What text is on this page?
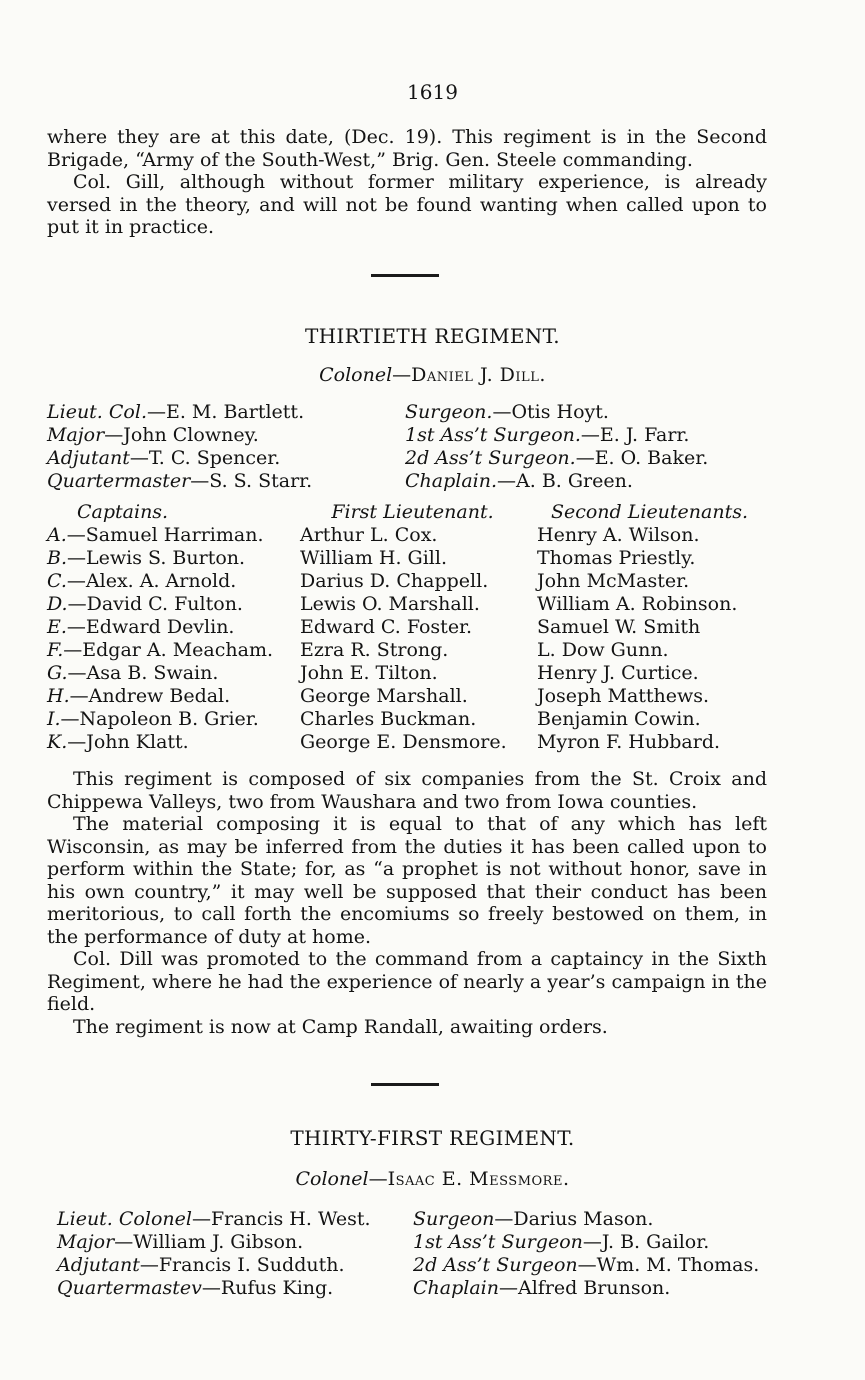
1619

where they are at this date, (Dec. 19). This regiment is in the Second Brigade, “Army of the South-West,” Brig. Gen. Steele commanding.

Col. Gill, although without former military experience, is already versed in the theory, and will not be found wanting when called upon to put it in practice.

THIRTIETH REGIMENT.
Colonel—Daniel J. Dill.
Lieut. Col.—E. M. Bartlett.
Major—John Clowney.
Adjutant—T. C. Spencer.
Quartermaster—S. S. Starr.
Surgeon.—Otis Hoyt.
1st Ass’t Surgeon.—E. J. Farr.
2d Ass’t Surgeon.—E. O. Baker.
Chaplain.—A. B. Green.
Captains.
A.—Samuel Harriman.
B.—Lewis S. Burton.
C.—Alex. A. Arnold.
D.—David C. Fulton.
E.—Edward Devlin.
F.—Edgar A. Meacham.
G.—Asa B. Swain.
H.—Andrew Bedal.
I.—Napoleon B. Grier.
K.—John Klatt.
First Lieutenant.
Arthur L. Cox.
William H. Gill.
Darius D. Chappell.
Lewis O. Marshall.
Edward C. Foster.
Ezra R. Strong.
John E. Tilton.
George Marshall.
Charles Buckman.
George E. Densmore.
Second Lieutenants.
Henry A. Wilson.
Thomas Priestly.
John McMaster.
William A. Robinson.
Samuel W. Smith
L. Dow Gunn.
Henry J. Curtice.
Joseph Matthews.
Benjamin Cowin.
Myron F. Hubbard.

This regiment is composed of six companies from the St. Croix and Chippewa Valleys, two from Waushara and two from Iowa counties.

The material composing it is equal to that of any which has left Wisconsin, as may be inferred from the duties it has been called upon to perform within the State; for, as “a prophet is not without honor, save in his own country,” it may well be supposed that their conduct has been meritorious, to call forth the encomiums so freely bestowed on them, in the performance of duty at home.

Col. Dill was promoted to the command from a captaincy in the Sixth Regiment, where he had the experience of nearly a year’s campaign in the field.

The regiment is now at Camp Randall, awaiting orders.

THIRTY-FIRST REGIMENT.
Colonel—Isaac E. Messmore.
Lieut. Colonel—Francis H. West.
Major—William J. Gibson.
Adjutant—Francis I. Sudduth.
Quartermastev—Rufus King.
Surgeon—Darius Mason.
1st Ass’t Surgeon—J. B. Gailor.
2d Ass’t Surgeon—Wm. M. Thomas.
Chaplain—Alfred Brunson.
